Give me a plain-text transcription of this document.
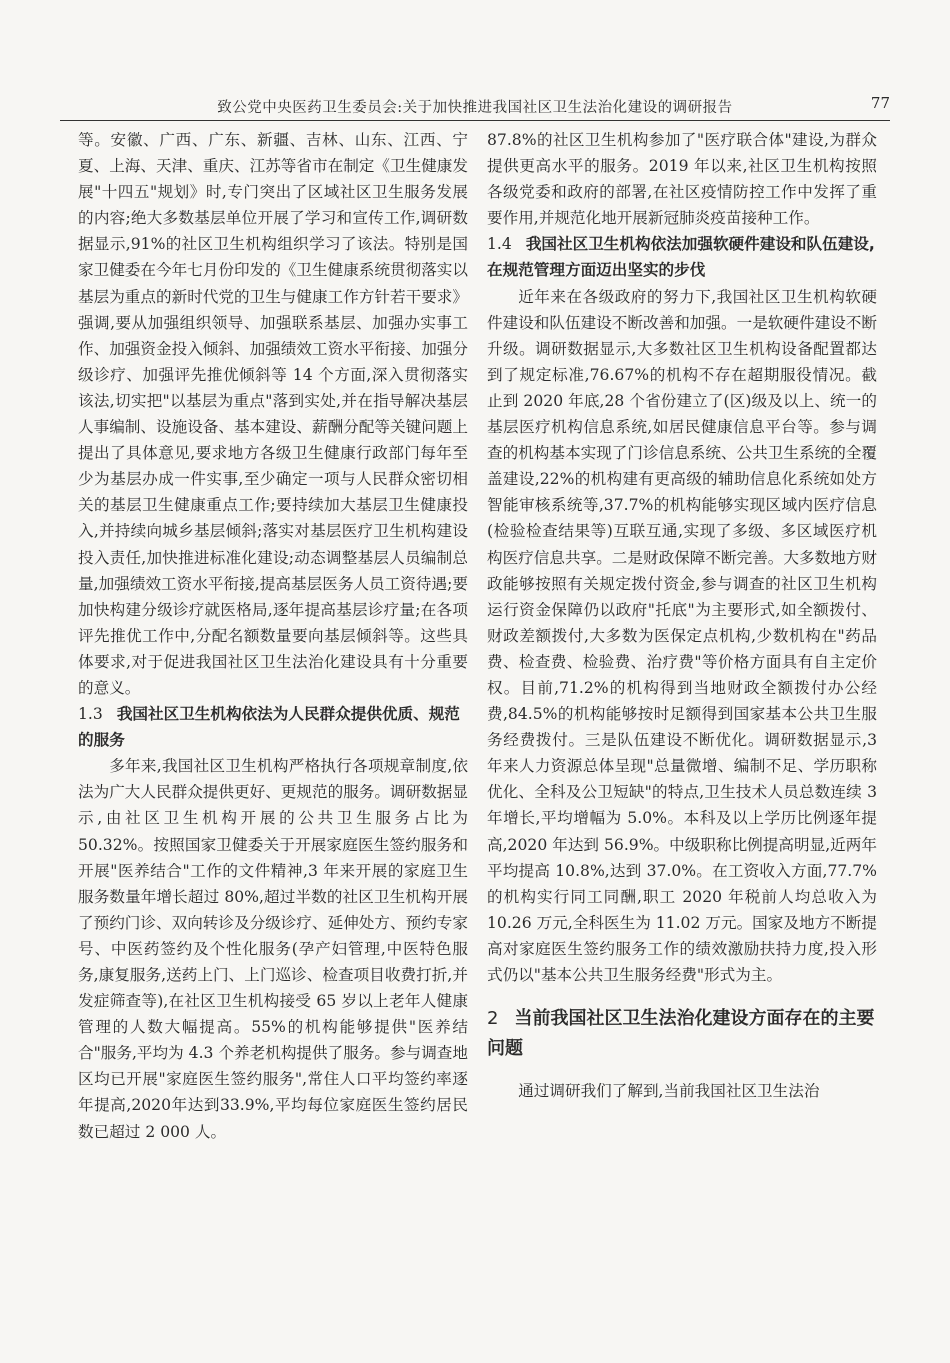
致公党中央医药卫生委员会:关于加快推进我国社区卫生法治化建设的调研报告	77

等。安徽、广西、广东、新疆、吉林、山东、江西、宁夏、上海、天津、重庆、江苏等省市在制定《卫生健康发展"十四五"规划》时,专门突出了区域社区卫生服务发展的内容;绝大多数基层单位开展了学习和宣传工作,调研数据显示,91%的社区卫生机构组织学习了该法。特别是国家卫健委在今年七月份印发的《卫生健康系统贯彻落实以基层为重点的新时代党的卫生与健康工作方针若干要求》强调,要从加强组织领导、加强联系基层、加强办实事工作、加强资金投入倾斜、加强绩效工资水平衔接、加强分级诊疗、加强评先推优倾斜等 14 个方面,深入贯彻落实该法,切实把"以基层为重点"落到实处,并在指导解决基层人事编制、设施设备、基本建设、薪酬分配等关键问题上提出了具体意见,要求地方各级卫生健康行政部门每年至少为基层办成一件实事,至少确定一项与人民群众密切相关的基层卫生健康重点工作;要持续加大基层卫生健康投入,并持续向城乡基层倾斜;落实对基层医疗卫生机构建设投入责任,加快推进标准化建设;动态调整基层人员编制总量,加强绩效工资水平衔接,提高基层医务人员工资待遇;要加快构建分级诊疗就医格局,逐年提高基层诊疗量;在各项评先推优工作中,分配名额数量要向基层倾斜等。这些具体要求,对于促进我国社区卫生法治化建设具有十分重要的意义。

1.3 我国社区卫生机构依法为人民群众提供优质、规范的服务

多年来,我国社区卫生机构严格执行各项规章制度,依法为广大人民群众提供更好、更规范的服务。调研数据显示,由社区卫生机构开展的公共卫生服务占比为 50.32%。按照国家卫健委关于开展家庭医生签约服务和开展"医养结合"工作的文件精神,3 年来开展的家庭卫生服务数量年增长超过 80%,超过半数的社区卫生机构开展了预约门诊、双向转诊及分级诊疗、延伸处方、预约专家号、中医药签约及个性化服务(孕产妇管理,中医特色服务,康复服务,送药上门、上门巡诊、检查项目收费打折,并发症筛查等),在社区卫生机构接受 65 岁以上老年人健康管理的人数大幅提高。55%的机构能够提供"医养结合"服务,平均为 4.3 个养老机构提供了服务。参与调查地区均已开展"家庭医生签约服务",常住人口平均签约率逐年提高,2020年达到33.9%,平均每位家庭医生签约居民数已超过 2 000 人。

87.8%的社区卫生机构参加了"医疗联合体"建设,为群众提供更高水平的服务。2019 年以来,社区卫生机构按照各级党委和政府的部署,在社区疫情防控工作中发挥了重要作用,并规范化地开展新冠肺炎疫苗接种工作。

1.4 我国社区卫生机构依法加强软硬件建设和队伍建设,在规范管理方面迈出坚实的步伐

近年来在各级政府的努力下,我国社区卫生机构软硬件建设和队伍建设不断改善和加强。一是软硬件建设不断升级。调研数据显示,大多数社区卫生机构设备配置都达到了规定标准,76.67%的机构不存在超期服役情况。截止到 2020 年底,28 个省份建立了(区)级及以上、统一的基层医疗机构信息系统,如居民健康信息平台等。参与调查的机构基本实现了门诊信息系统、公共卫生系统的全覆盖建设,22%的机构建有更高级的辅助信息化系统如处方智能审核系统等,37.7%的机构能够实现区域内医疗信息(检验检查结果等)互联互通,实现了多级、多区域医疗机构医疗信息共享。二是财政保障不断完善。大多数地方财政能够按照有关规定拨付资金,参与调查的社区卫生机构运行资金保障仍以政府"托底"为主要形式,如全额拨付、财政差额拨付,大多数为医保定点机构,少数机构在"药品费、检查费、检验费、治疗费"等价格方面具有自主定价权。目前,71.2%的机构得到当地财政全额拨付办公经费,84.5%的机构能够按时足额得到国家基本公共卫生服务经费拨付。三是队伍建设不断优化。调研数据显示,3 年来人力资源总体呈现"总量微增、编制不足、学历职称优化、全科及公卫短缺"的特点,卫生技术人员总数连续 3 年增长,平均增幅为 5.0%。本科及以上学历比例逐年提高,2020 年达到 56.9%。中级职称比例提高明显,近两年平均提高 10.8%,达到 37.0%。在工资收入方面,77.7%的机构实行同工同酬,职工 2020 年税前人均总收入为 10.26 万元,全科医生为 11.02 万元。国家及地方不断提高对家庭医生签约服务工作的绩效激励扶持力度,投入形式仍以"基本公共卫生服务经费"形式为主。

2 当前我国社区卫生法治化建设方面存在的主要问题

通过调研我们了解到,当前我国社区卫生法治
